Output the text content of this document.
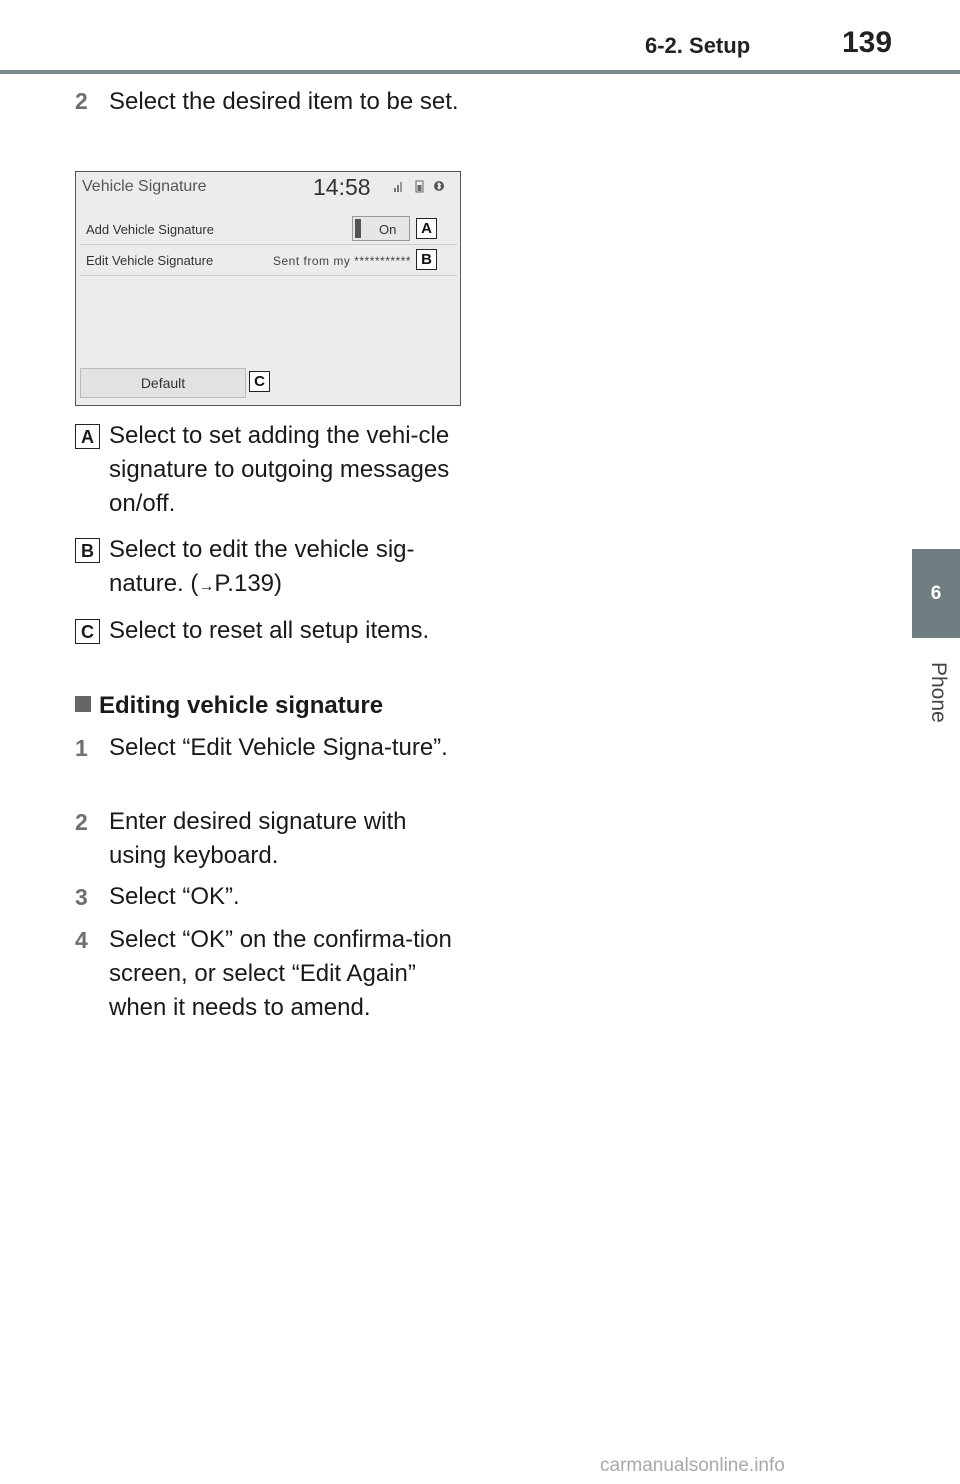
6-2. Setup	139
6
Phone
2 Select the desired item to be set.
Vehicle Signature	14:58
Add Vehicle Signature	On
Edit Vehicle Signature	Sent from my ***********
Default
A
B
C
A Select to set adding the vehi-cle signature to outgoing messages on/off.
B Select to edit the vehicle sig-nature. (→P.139)
C Select to reset all setup items.
Editing vehicle signature
1 Select “Edit Vehicle Signa-ture”.
2 Enter desired signature with using keyboard.
3 Select “OK”.
4 Select “OK” on the confirma-tion screen, or select “Edit Again” when it needs to amend.
carmanualsonline.info
